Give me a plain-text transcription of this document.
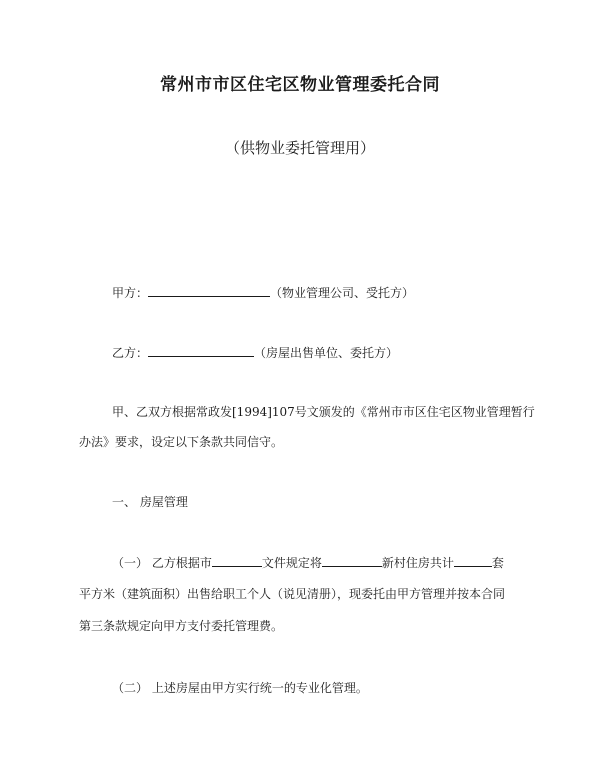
常州市市区住宅区物业管理委托合同
（供物业委托管理用）
甲方：	（物业管理公司、受托方）
乙方：	（房屋出售单位、委托方）
甲、乙双方根据常政发[1994]107号文颁发的《常州市市区住宅区物业管理暂行
办法》要求，设定以下条款共同信守。
一、 房屋管理
（一） 乙方根据市	文件规定将	新村住房共计	套
平方米（建筑面积）出售给职工个人（说见清册），现委托由甲方管理并按本合同
第三条款规定向甲方支付委托管理费。
（二） 上述房屋由甲方实行统一的专业化管理。
